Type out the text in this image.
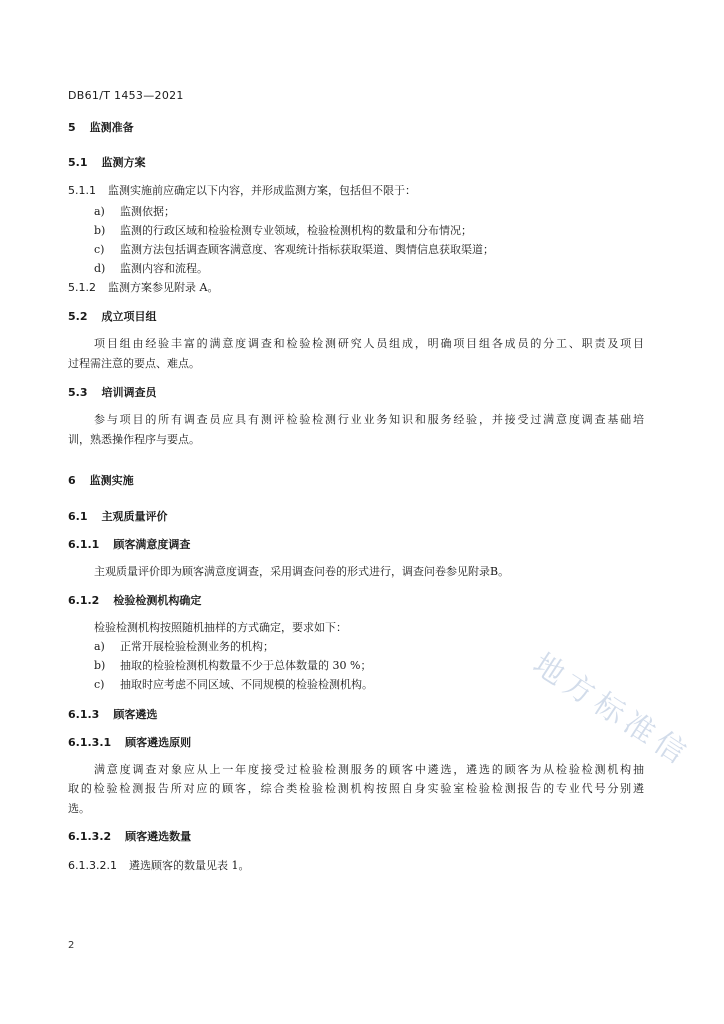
DB61/T 1453—2021
5 监测准备
5.1 监测方案
5.1.1 监测实施前应确定以下内容，并形成监测方案，包括但不限于：
a) 监测依据；
b) 监测的行政区域和检验检测专业领域，检验检测机构的数量和分布情况；
c) 监测方法包括调查顾客满意度、客观统计指标获取渠道、舆情信息获取渠道；
d) 监测内容和流程。
5.1.2 监测方案参见附录 A。
5.2 成立项目组
项目组由经验丰富的满意度调查和检验检测研究人员组成，明确项目组各成员的分工、职责及项目
过程需注意的要点、难点。
5.3 培训调查员
参与项目的所有调查员应具有测评检验检测行业业务知识和服务经验，并接受过满意度调查基础培
训，熟悉操作程序与要点。
6 监测实施
6.1 主观质量评价
6.1.1 顾客满意度调查
主观质量评价即为顾客满意度调查，采用调查问卷的形式进行，调查问卷参见附录B。
6.1.2 检验检测机构确定
检验检测机构按照随机抽样的方式确定，要求如下：
a) 正常开展检验检测业务的机构；
b) 抽取的检验检测机构数量不少于总体数量的 30 %；
c) 抽取时应考虑不同区域、不同规模的检验检测机构。
6.1.3 顾客遴选
6.1.3.1 顾客遴选原则
满意度调查对象应从上一年度接受过检验检测服务的顾客中遴选，遴选的顾客为从检验检测机构抽
取的检验检测报告所对应的顾客，综合类检验检测机构按照自身实验室检验检测报告的专业代号分别遴
选。
6.1.3.2 顾客遴选数量
6.1.3.2.1 遴选顾客的数量见表 1。
2
地方标准信
